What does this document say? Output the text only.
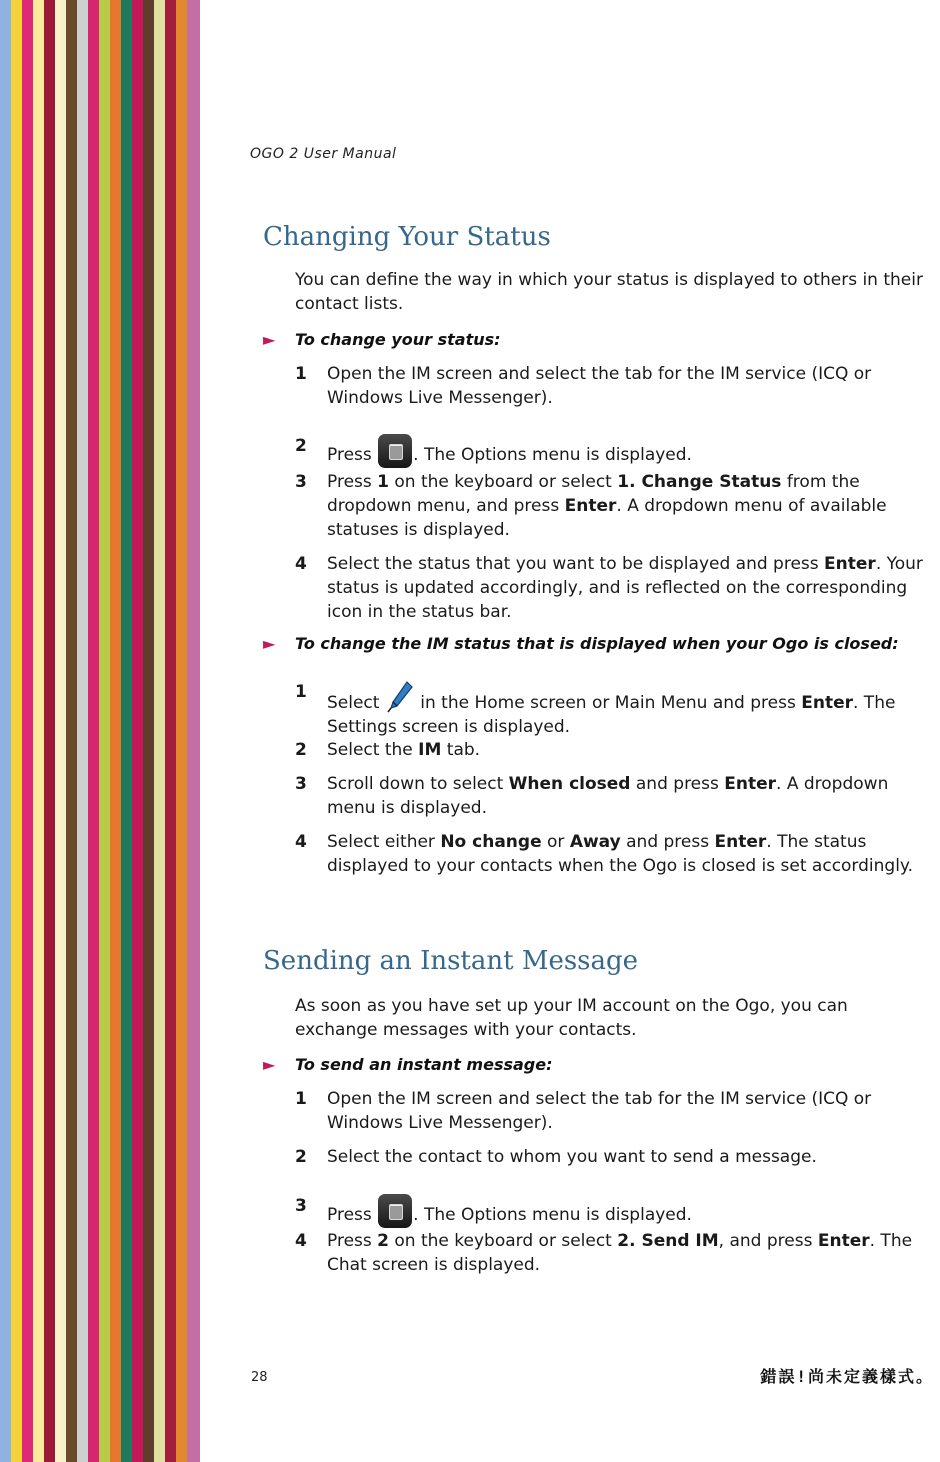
OGO 2 User Manual

Changing Your Status

You can define the way in which your status is displayed to others in their contact lists.

► To change your status:

1 Open the IM screen and select the tab for the IM service (ICQ or Windows Live Messenger).
2 Press . The Options menu is displayed.
3 Press 1 on the keyboard or select 1. Change Status from the dropdown menu, and press Enter. A dropdown menu of available statuses is displayed.
4 Select the status that you want to be displayed and press Enter. Your status is updated accordingly, and is reflected on the corresponding icon in the status bar.

► To change the IM status that is displayed when your Ogo is closed:

1
Select  in the Home screen or Main Menu and press Enter. The Settings screen is displayed.
2 Select the IM tab.
3 Scroll down to select When closed and press Enter. A dropdown menu is displayed.
4 Select either No change or Away and press Enter. The status displayed to your contacts when the Ogo is closed is set accordingly.
Sending an Instant Message

As soon as you have set up your IM account on the Ogo, you can exchange messages with your contacts.

► To send an instant message:

1 Open the IM screen and select the tab for the IM service (ICQ or Windows Live Messenger).
2 Select the contact to whom you want to send a message.
3 Press . The Options menu is displayed.
4 Press 2 on the keyboard or select 2. Send IM, and press Enter. The Chat screen is displayed.

28	錯誤!尚未定義樣式。
